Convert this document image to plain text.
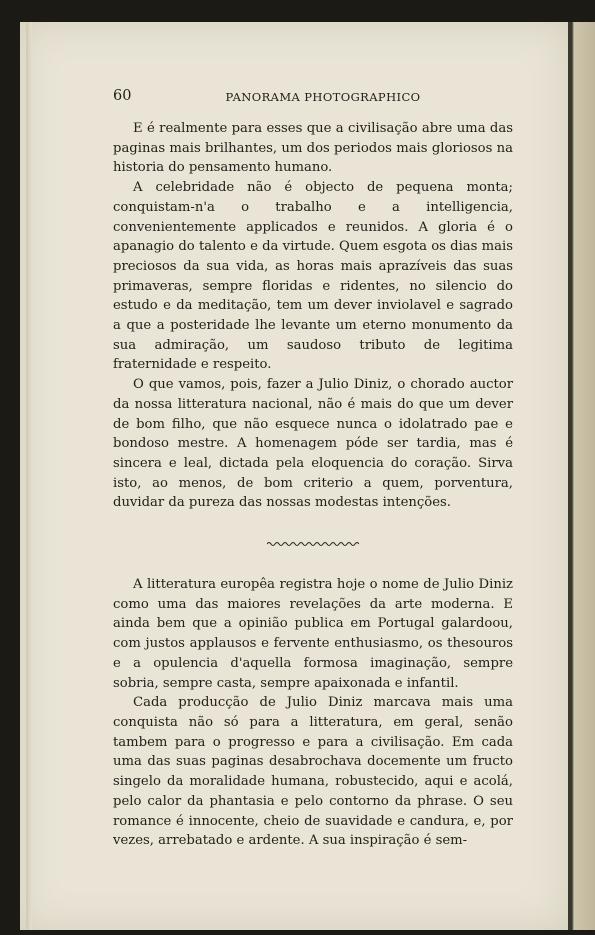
60	PANORAMA PHOTOGRAPHICO

E é realmente para esses que a civilisação abre uma das paginas mais brilhantes, um dos periodos mais gloriosos na historia do pensamento humano.

A celebridade não é objecto de pequena monta; conquistam-n'a o trabalho e a intelligencia, convenientemente applicados e reunidos. A gloria é o apanagio do talento e da virtude. Quem esgota os dias mais preciosos da sua vida, as horas mais aprazíveis das suas primaveras, sempre floridas e ridentes, no silencio do estudo e da meditação, tem um dever inviolavel e sagrado a que a posteridade lhe levante um eterno monumento da sua admiração, um saudoso tributo de legitima fraternidade e respeito.

O que vamos, pois, fazer a Julio Diniz, o chorado auctor da nossa litteratura nacional, não é mais do que um dever de bom filho, que não esquece nunca o idolatrado pae e bondoso mestre. A homenagem póde ser tardia, mas é sincera e leal, dictada pela eloquencia do coração. Sirva isto, ao menos, de bom criterio a quem, porventura, duvidar da pureza das nossas modestas intenções.

A litteratura europêa registra hoje o nome de Julio Diniz como uma das maiores revelações da arte moderna. E ainda bem que a opinião publica em Portugal galardoou, com justos applausos e fervente enthusiasmo, os thesouros e a opulencia d'aquella formosa imaginação, sempre sobria, sempre casta, sempre apaixonada e infantil.

Cada producção de Julio Diniz marcava mais uma conquista não só para a litteratura, em geral, senão tambem para o progresso e para a civilisação. Em cada uma das suas paginas desabrochava docemente um fructo singelo da moralidade humana, robustecido, aqui e acolá, pelo calor da phantasia e pelo contorno da phrase. O seu romance é innocente, cheio de suavidade e candura, e, por vezes, arrebatado e ardente. A sua inspiração é sem-
